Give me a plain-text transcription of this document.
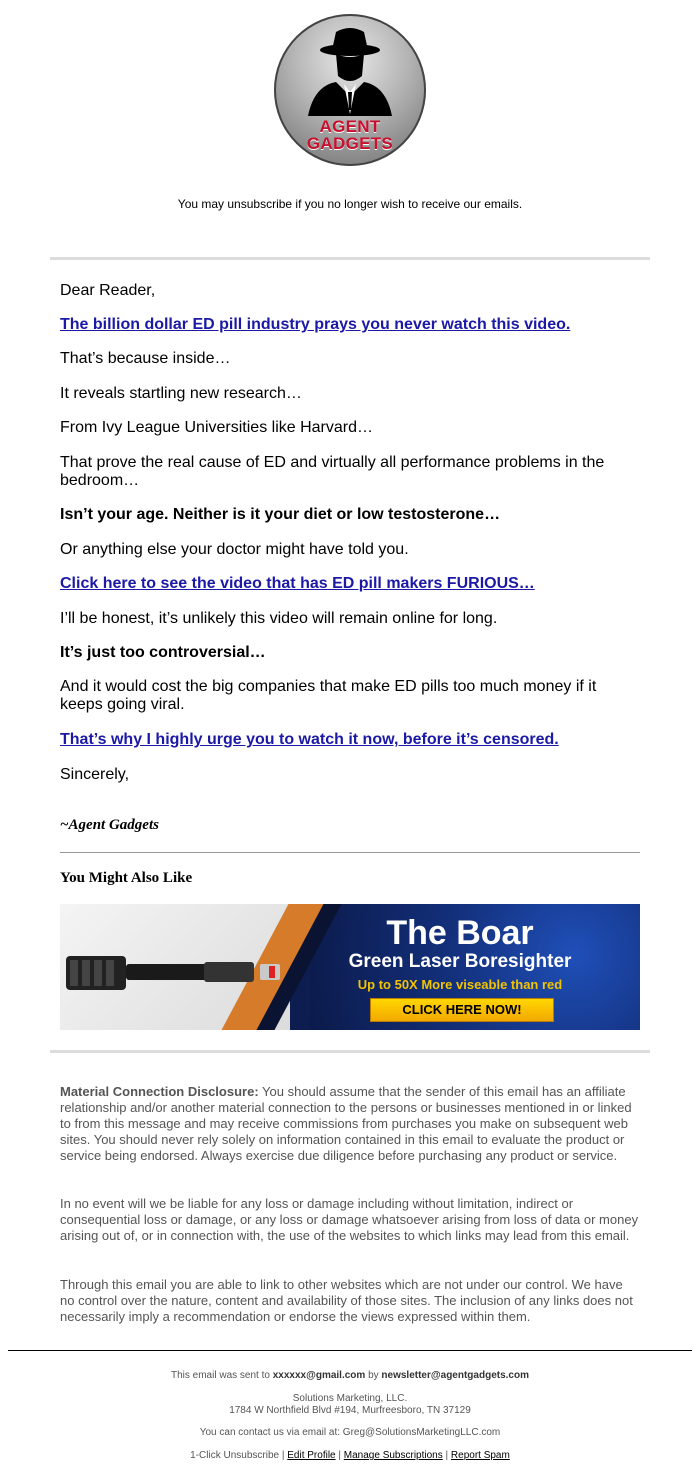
AGENT
GADGETS
You may unsubscribe if you no longer wish to receive our emails.
Dear Reader,
The billion dollar ED pill industry prays you never watch this video.
That’s because inside…
It reveals startling new research…
From Ivy League Universities like Harvard…
That prove the real cause of ED and virtually all performance problems in the bedroom…
Isn’t your age. Neither is it your diet or low testosterone…
Or anything else your doctor might have told you.
Click here to see the video that has ED pill makers FURIOUS…
I’ll be honest, it’s unlikely this video will remain online for long.
It’s just too controversial…
And it would cost the big companies that make ED pills too much money if it keeps going viral.
That’s why I highly urge you to watch it now, before it’s censored.
Sincerely,
~Agent Gadgets
You Might Also Like
The Boar
Green Laser Boresighter
Up to 50X More viseable than red
CLICK HERE NOW!

Material Connection Disclosure: You should assume that the sender of this email has an affiliate relationship and/or another material connection to the persons or businesses mentioned in or linked to from this message and may receive commissions from purchases you make on subsequent web sites. You should never rely solely on information contained in this email to evaluate the product or service being endorsed. Always exercise due diligence before purchasing any product or service.

In no event will we be liable for any loss or damage including without limitation, indirect or consequential loss or damage, or any loss or damage whatsoever arising from loss of data or money arising out of, or in connection with, the use of the websites to which links may lead from this email.
Through this email you are able to link to other websites which are not under our control. We have no control over the nature, content and availability of those sites. The inclusion of any links does not necessarily imply a recommendation or endorse the views expressed within them.
This email was sent to xxxxxx@gmail.com by newsletter@agentgadgets.com
Solutions Marketing, LLC.
1784 W Northfield Blvd #194, Murfreesboro, TN 37129
You can contact us via email at: Greg@SolutionsMarketingLLC.com
1-Click Unsubscribe | Edit Profile | Manage Subscriptions | Report Spam
